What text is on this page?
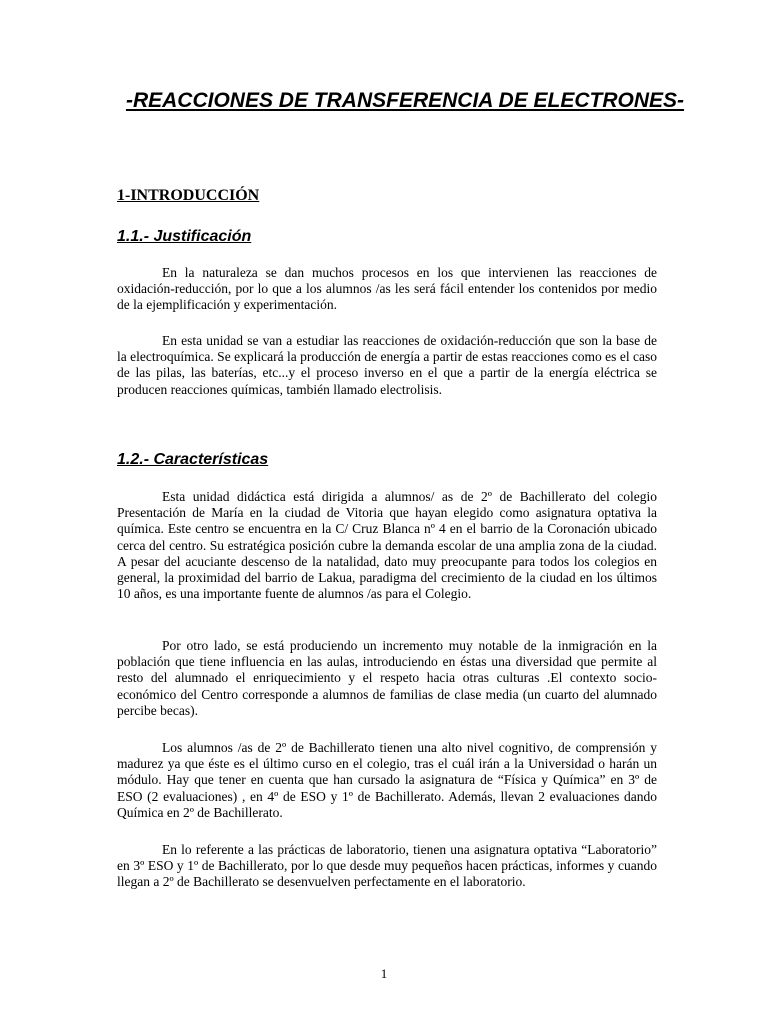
-REACCIONES DE TRANSFERENCIA DE ELECTRONES-
1-INTRODUCCIÓN
1.1.- Justificación

En la naturaleza se dan muchos procesos en los que intervienen las reacciones de oxidación-reducción, por lo que a los alumnos /as les será fácil entender los contenidos por medio de la ejemplificación y experimentación.

En esta unidad se van a estudiar las reacciones de oxidación-reducción que son la base de la electroquímica. Se explicará la producción de energía a partir de estas reacciones como es el caso de las pilas, las baterías, etc...y el proceso inverso en el que a partir de la energía eléctrica se producen reacciones químicas, también llamado electrolisis.

1.2.- Características

Esta unidad didáctica está dirigida a alumnos/ as de 2º de Bachillerato del colegio Presentación de María en la ciudad de Vitoria que hayan elegido como asignatura optativa la química. Este centro se encuentra en la C/ Cruz Blanca nº 4 en el barrio de la Coronación ubicado cerca del centro. Su estratégica posición cubre la demanda escolar de una amplia zona de la ciudad. A pesar del acuciante descenso de la natalidad, dato muy preocupante para todos los colegios en general, la proximidad del barrio de Lakua, paradigma del crecimiento de la ciudad en los últimos 10 años, es una importante fuente de alumnos /as para el Colegio.

Por otro lado, se está produciendo un incremento muy notable de la inmigración en la población que tiene influencia en las aulas, introduciendo en éstas una diversidad que permite al resto del alumnado el enriquecimiento y el respeto hacia otras culturas .El contexto socio-económico del Centro corresponde a alumnos de familias de clase media (un cuarto del alumnado percibe becas).

Los alumnos /as de 2º de Bachillerato tienen una alto nivel cognitivo, de comprensión y madurez ya que éste es el último curso en el colegio, tras el cuál irán a la Universidad o harán un módulo. Hay que tener en cuenta que han cursado la asignatura de “Física y Química” en 3º de ESO (2 evaluaciones) , en 4º de ESO y 1º de Bachillerato. Además, llevan 2 evaluaciones dando Química en 2º de Bachillerato.

En lo referente a las prácticas de laboratorio, tienen una asignatura optativa “Laboratorio” en 3º ESO y 1º de Bachillerato, por lo que desde muy pequeños hacen prácticas, informes y cuando llegan a 2º de Bachillerato se desenvuelven perfectamente en el laboratorio.

1
